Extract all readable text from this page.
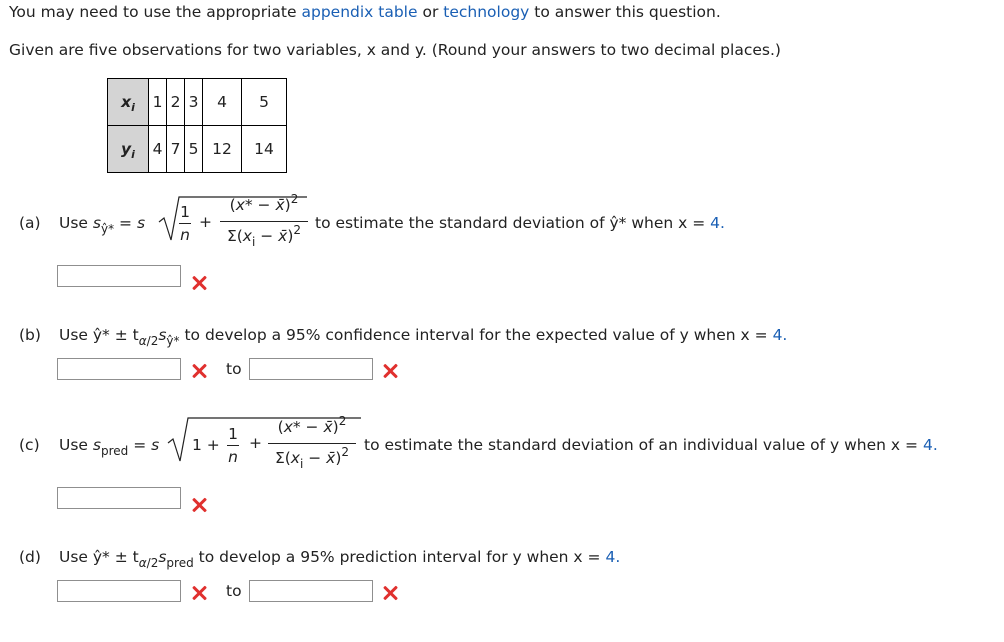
You may need to use the appropriate appendix table or technology to answer this question.
Given are five observations for two variables, x and y. (Round your answers to two decimal places.)
$x_i$	1	2	3	4	5
$y_i$	4	7	5	12	14
(a) Use $s_{ŷ*} = s$
1
n
+
(x* − x̄)$^2$
$\Sigma(x_i$ − x̄)$^2$ to estimate the standard deviation of ŷ* when x = 4.
(b) Use ŷ* ± $t_{\alpha/2}s_{ŷ*}$ to develop a 95% confidence interval for the expected value of y when x = 4.
to
(c) Use $s_{pred} = s$ 1 +
1
n
+
(x* − x̄)$^2$
$\Sigma(x_i$ − x̄)$^2$ to estimate the standard deviation of an individual value of y when x = 4.
(d) Use ŷ* ± $t_{\alpha/2}s_{pred}$ to develop a 95% prediction interval for y when x = 4.
to
